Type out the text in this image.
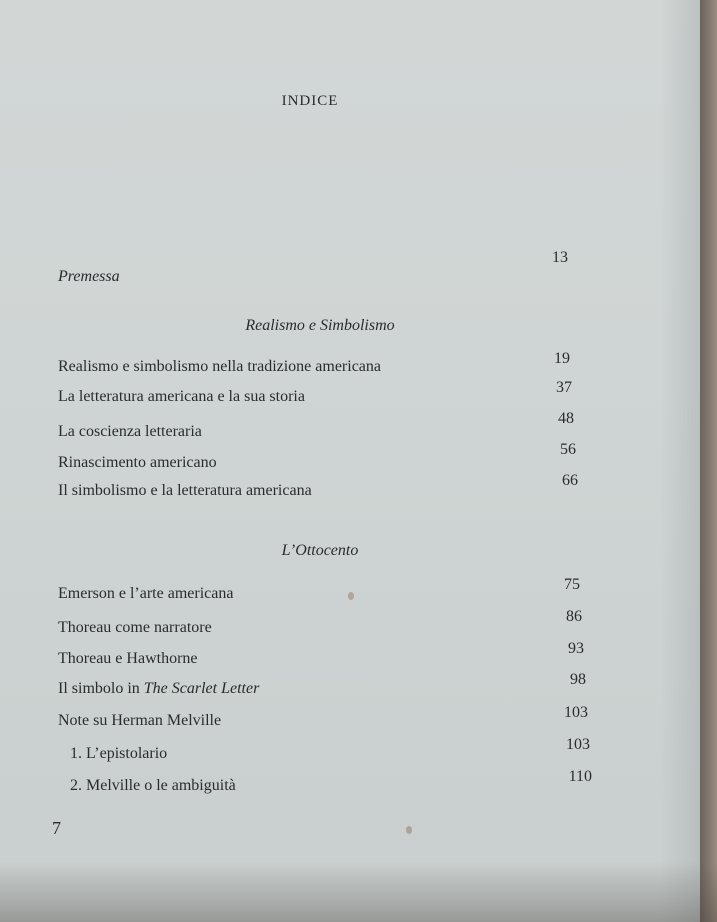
INDICE
Premessa
13
Realismo e Simbolismo
Realismo e simbolismo nella tradizione americana	19
La letteratura americana e la sua storia
37
La coscienza letteraria
48
Rinascimento americano
56
Il simbolismo e la letteratura americana
66
L’Ottocento
Emerson e l’arte americana
75
Thoreau come narratore
86
Thoreau e Hawthorne
93
Il simbolo in The Scarlet Letter
98
Note su Herman Melville	103
1. L’epistolario
103
2. Melville o le ambiguità
110
7
